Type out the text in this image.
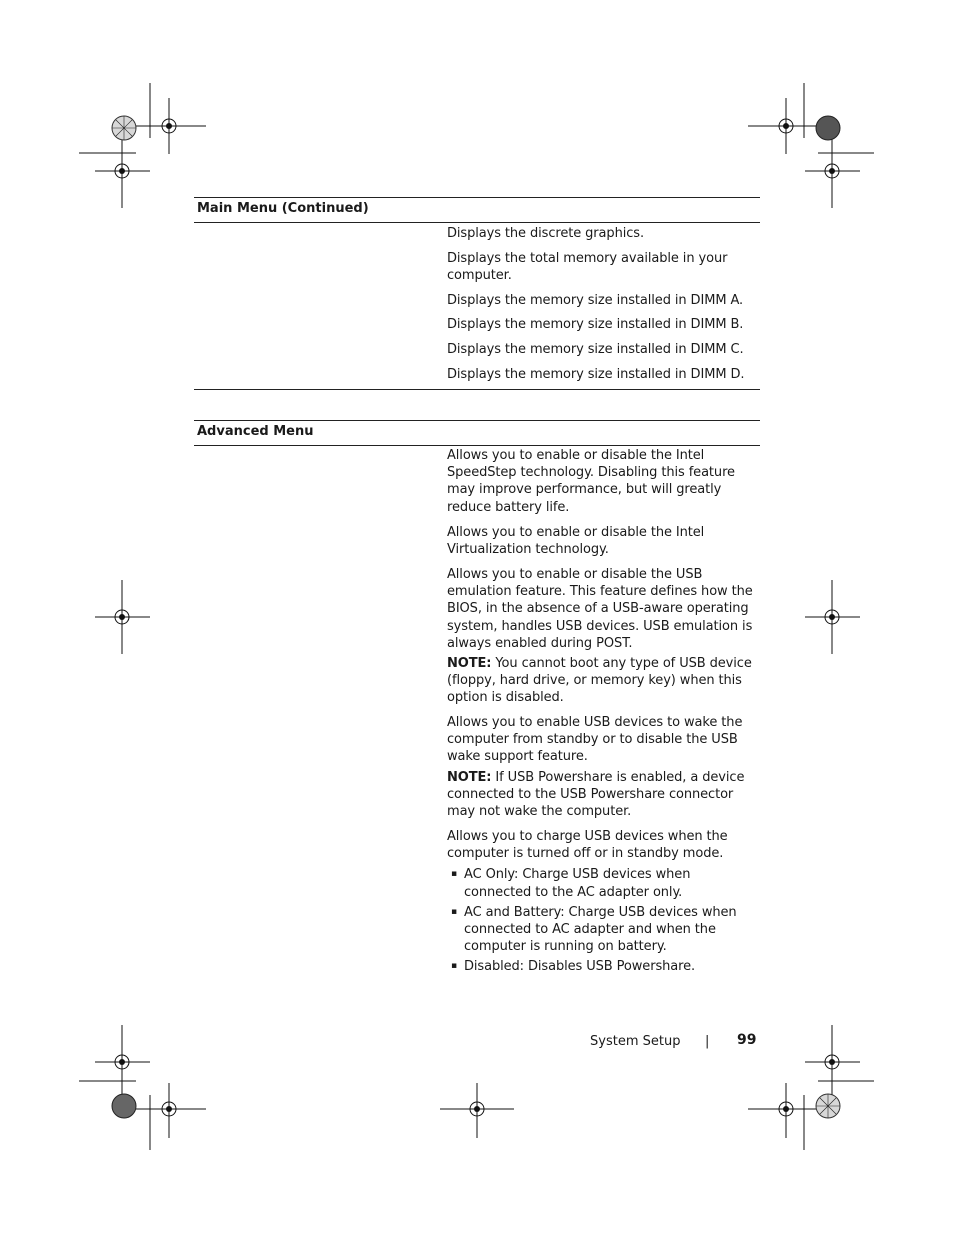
Main Menu (Continued)
Displays the discrete graphics.
Displays the total memory available in your computer.
Displays the memory size installed in DIMM A.
Displays the memory size installed in DIMM B.
Displays the memory size installed in DIMM C.
Displays the memory size installed in DIMM D.
Advanced Menu
Allows you to enable or disable the Intel SpeedStep technology. Disabling this feature may improve performance, but will greatly reduce battery life.
Allows you to enable or disable the Intel Virtualization technology.

Allows you to enable or disable the USB emulation feature. This feature defines how the BIOS, in the absence of a USB-aware operating system, handles USB devices. USB emulation is always enabled during POST.

NOTE: You cannot boot any type of USB device (floppy, hard drive, or memory key) when this option is disabled.

Allows you to enable USB devices to wake the computer from standby or to disable the USB wake support feature.

NOTE: If USB Powershare is enabled, a device connected to the USB Powershare connector may not wake the computer.

Allows you to charge USB devices when the computer is turned off or in standby mode.

▪ AC Only: Charge USB devices when connected to the AC adapter only.
▪ AC and Battery: Charge USB devices when connected to AC adapter and when the computer is running on battery.
▪ Disabled: Disables USB Powershare.
System Setup | 99
